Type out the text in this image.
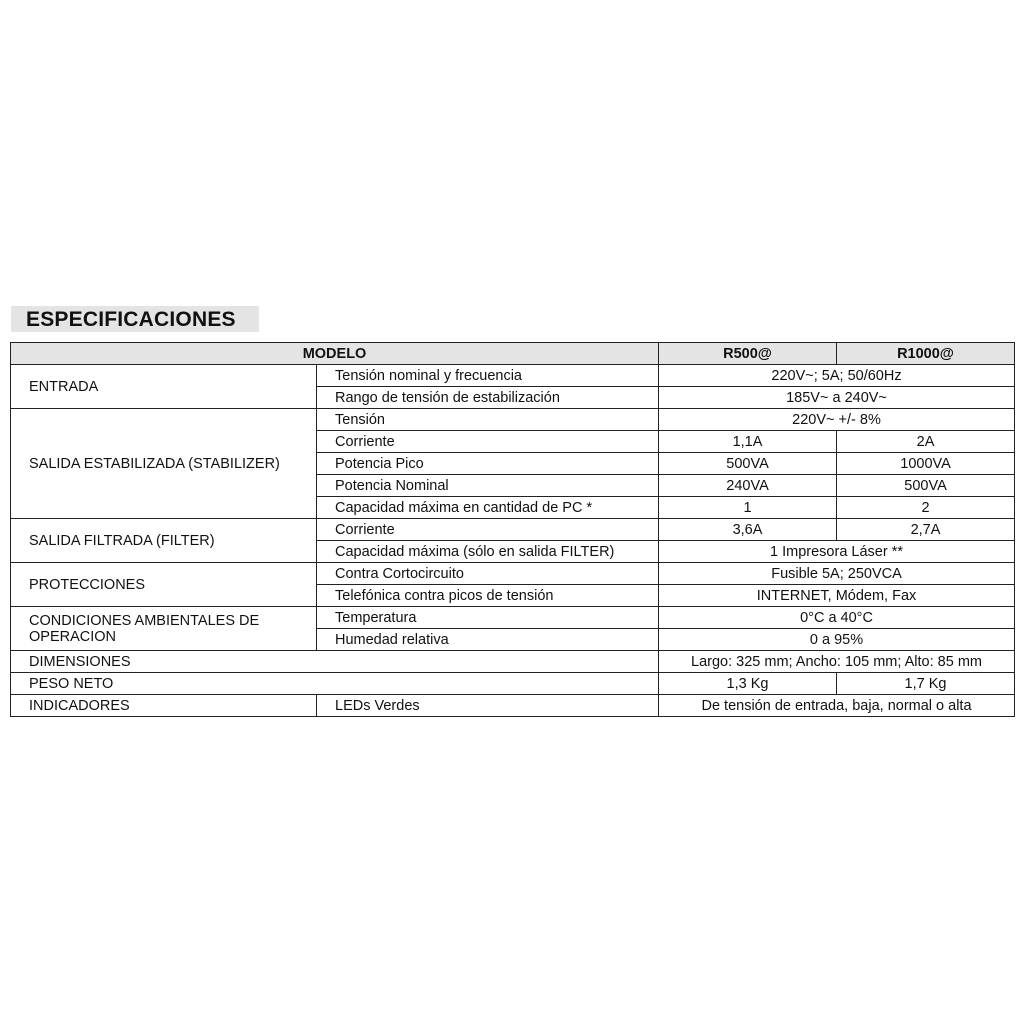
ESPECIFICACIONES
MODELO		R500@	R1000@
ENTRADA	Tensión nominal y frecuencia	220V~; 5A; 50/60Hz	
	Rango de tensión de estabilización	185V~ a 240V~	
SALIDA ESTABILIZADA (STABILIZER)	Tensión	220V~ +/- 8%	
	Corriente	1,1A	2A
	Potencia Pico	500VA	1000VA
	Potencia Nominal	240VA	500VA
	Capacidad máxima en cantidad de PC *	1	2
SALIDA FILTRADA (FILTER)	Corriente	3,6A	2,7A
	Capacidad máxima (sólo en salida FILTER)	1 Impresora Láser **	
PROTECCIONES	Contra Cortocircuito	Fusible 5A; 250VCA	
	Telefónica contra picos de tensión	INTERNET, Módem, Fax	
CONDICIONES AMBIENTALES DE OPERACION	Temperatura	0°C a 40°C	
	Humedad relativa	0 a 95%	
DIMENSIONES		Largo: 325 mm; Ancho: 105 mm; Alto: 85 mm	
PESO NETO		1,3 Kg	1,7 Kg
INDICADORES	LEDs Verdes	De tensión de entrada, baja, normal o alta	
